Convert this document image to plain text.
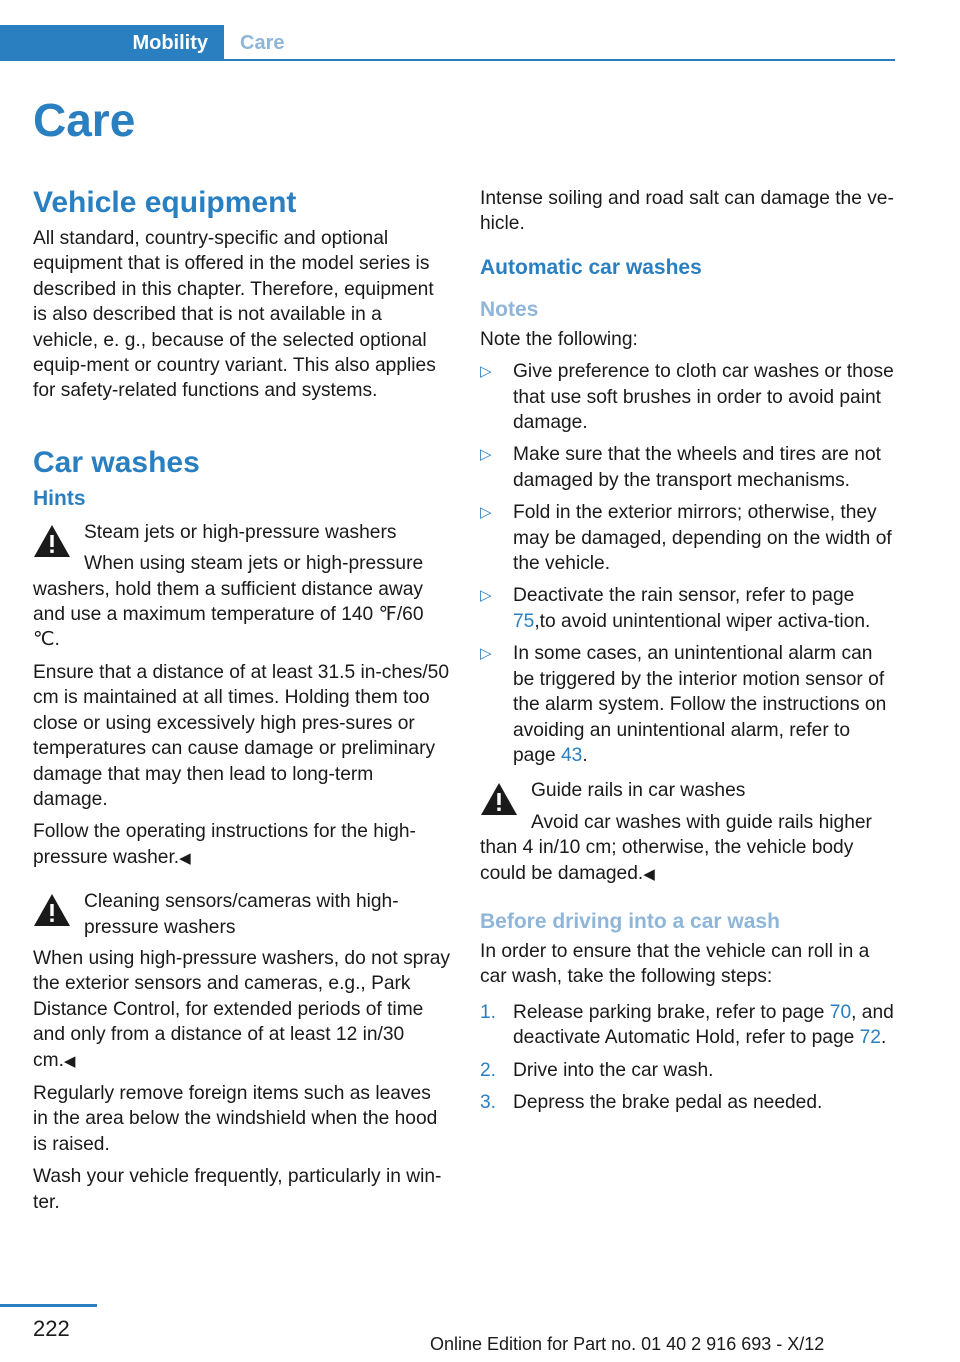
Mobility Care
Care
Vehicle equipment

All standard, country-specific and optional equipment that is offered in the model series is described in this chapter. Therefore, equipment is also described that is not available in a vehicle, e. g., because of the selected optional equip‐ment or country variant. This also applies for safety-related functions and systems.

Car washes
Hints

Steam jets or high-pressure washers

When using steam jets or high-pressure washers, hold them a sufficient distance away and use a maximum temperature of 140 ℉/60 ℃.

Ensure that a distance of at least 31.5 in‐ches/50 cm is maintained at all times. Holding them too close or using excessively high pres‐sures or temperatures can cause damage or preliminary damage that may then lead to long-term damage.

Follow the operating instructions for the high-pressure washer.◀

Cleaning sensors/cameras with high-pressure washers

When using high-pressure washers, do not spray the exterior sensors and cameras, e.g., Park Distance Control, for extended periods of time and only from a distance of at least 12 in/30 cm.◀

Regularly remove foreign items such as leaves in the area below the windshield when the hood is raised.

Wash your vehicle frequently, particularly in win‐ter.

Intense soiling and road salt can damage the ve‐hicle.

Automatic car washes
Notes

Note the following:

▷ Give preference to cloth car washes or those that use soft brushes in order to avoid paint damage.
▷ Make sure that the wheels and tires are not damaged by the transport mechanisms.
▷ Fold in the exterior mirrors; otherwise, they may be damaged, depending on the width of the vehicle.
▷ Deactivate the rain sensor, refer to page 75,to avoid unintentional wiper activa‐tion.
▷ In some cases, an unintentional alarm can be triggered by the interior motion sensor of the alarm system. Follow the instructions on avoiding an unintentional alarm, refer to page 43.

Guide rails in car washes

Avoid car washes with guide rails higher than 4 in/10 cm; otherwise, the vehicle body could be damaged.◀

Before driving into a car wash

In order to ensure that the vehicle can roll in a car wash, take the following steps:

1. Release parking brake, refer to page 70, and deactivate Automatic Hold, refer to page 72.
2. Drive into the car wash.
3. Depress the brake pedal as needed.
222
Online Edition for Part no. 01 40 2 916 693 - X/12
